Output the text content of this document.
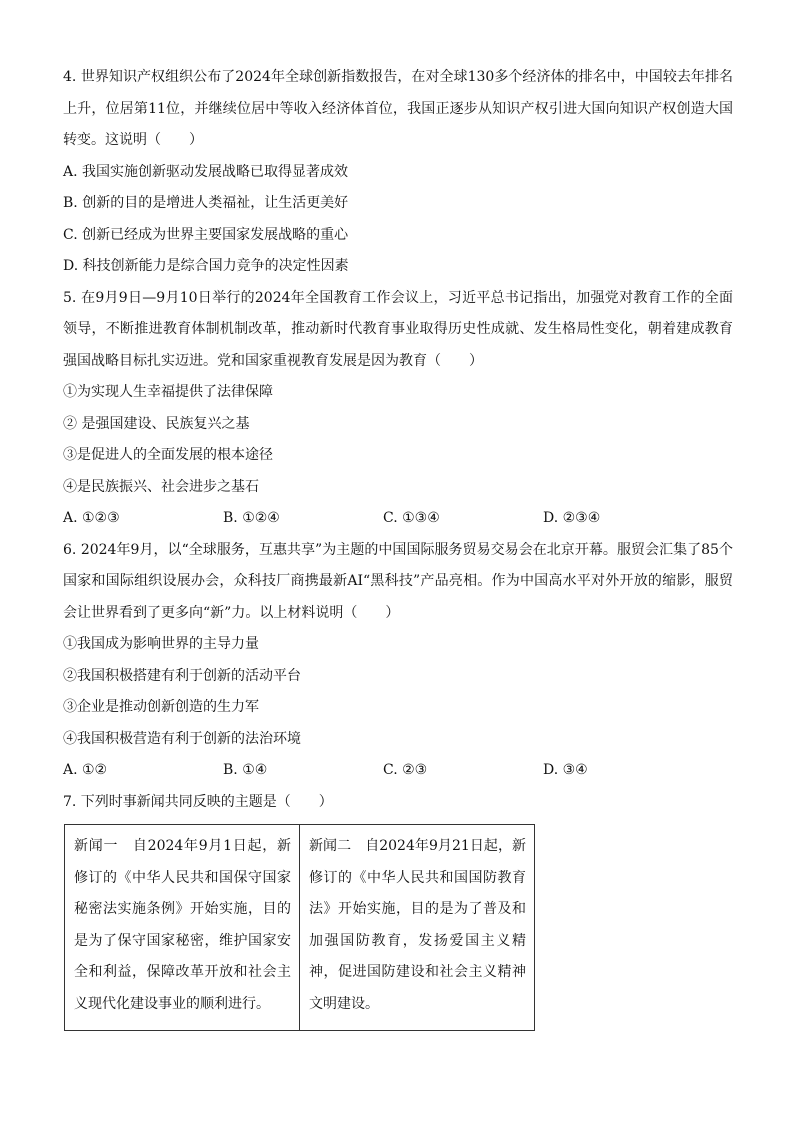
4. 世界知识产权组织公布了2024年全球创新指数报告，在对全球130多个经济体的排名中，中国较去年排名上升，位居第11位，并继续位居中等收入经济体首位，我国正逐步从知识产权引进大国向知识产权创造大国转变。这说明（　　）

A. 我国实施创新驱动发展战略已取得显著成效

B. 创新的目的是增进人类福祉，让生活更美好

C. 创新已经成为世界主要国家发展战略的重心

D. 科技创新能力是综合国力竞争的决定性因素

5. 在9月9日—9月10日举行的2024年全国教育工作会议上，习近平总书记指出，加强党对教育工作的全面领导，不断推进教育体制机制改革，推动新时代教育事业取得历史性成就、发生格局性变化，朝着建成教育强国战略目标扎实迈进。党和国家重视教育发展是因为教育（　　）

①为实现人生幸福提供了法律保障

② 是强国建设、民族复兴之基

③是促进人的全面发展的根本途径

④是民族振兴、社会进步之基石

A. ①②③	B. ①②④	C. ①③④	D. ②③④

6. 2024年9月，以“全球服务，互惠共享”为主题的中国国际服务贸易交易会在北京开幕。服贸会汇集了85个国家和国际组织设展办会，众科技厂商携最新AI“黑科技”产品亮相。作为中国高水平对外开放的缩影，服贸会让世界看到了更多向“新”力。以上材料说明（　　）

①我国成为影响世界的主导力量

②我国积极搭建有利于创新的活动平台

③企业是推动创新创造的生力军

④我国积极营造有利于创新的法治环境

A. ①②	B. ①④	C. ②③	D. ③④

7. 下列时事新闻共同反映的主题是（　　）

新闻一　自2024年9月1日起，新修订的《中华人民共和国保守国家秘密法实施条例》开始实施，目的是为了保守国家秘密，维护国家安全和利益，保障改革开放和社会主义现代化建设事业的顺利进行。	新闻二　自2024年9月21日起，新修订的《中华人民共和国国防教育法》开始实施，目的是为了普及和加强国防教育，发扬爱国主义精神，促进国防建设和社会主义精神文明建设。
